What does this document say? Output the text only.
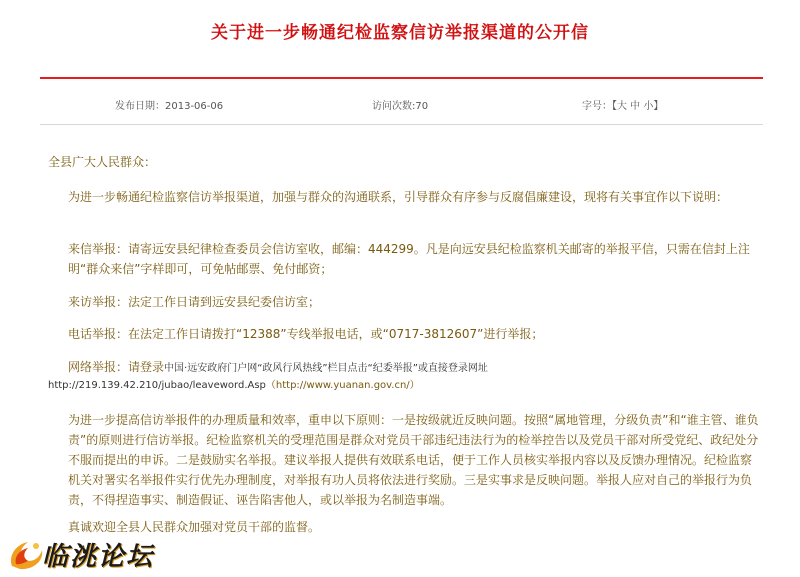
关于进一步畅通纪检监察信访举报渠道的公开信
发布日期：2013-06-06	访问次数:70	字号：【大 中 小】
全县广大人民群众：
为进一步畅通纪检监察信访举报渠道，加强与群众的沟通联系，引导群众有序参与反腐倡廉建设，现将有关事宜作以下说明：
来信举报：请寄远安县纪律检查委员会信访室收，邮编：444299。凡是向远安县纪检监察机关邮寄的举报平信，只需在信封上注明“群众来信”字样即可，可免帖邮票、免付邮资；
来访举报：法定工作日请到远安县纪委信访室；
电话举报：在法定工作日请拨打“12388”专线举报电话，或“0717-3812607”进行举报；
网络举报：请登录中国·远安政府门户网“政风行风热线”栏目点击“纪委举报”或直接登录网址
http://219.139.42.210/jubao/leaveword.Asp（http://www.yuanan.gov.cn/）
为进一步提高信访举报件的办理质量和效率，重申以下原则：一是按级就近反映问题。按照“属地管理，分级负责”和“谁主管、谁负责”的原则进行信访举报。纪检监察机关的受理范围是群众对党员干部违纪违法行为的检举控告以及党员干部对所受党纪、政纪处分不服而提出的申诉。二是鼓励实名举报。建议举报人提供有效联系电话，便于工作人员核实举报内容以及反馈办理情况。纪检监察机关对署实名举报件实行优先办理制度，对举报有功人员将依法进行奖励。三是实事求是反映问题。举报人应对自己的举报行为负责，不得捏造事实、制造假证、诬告陷害他人，或以举报为名制造事端。
真诚欢迎全县人民群众加强对党员干部的监督。
临洮论坛
